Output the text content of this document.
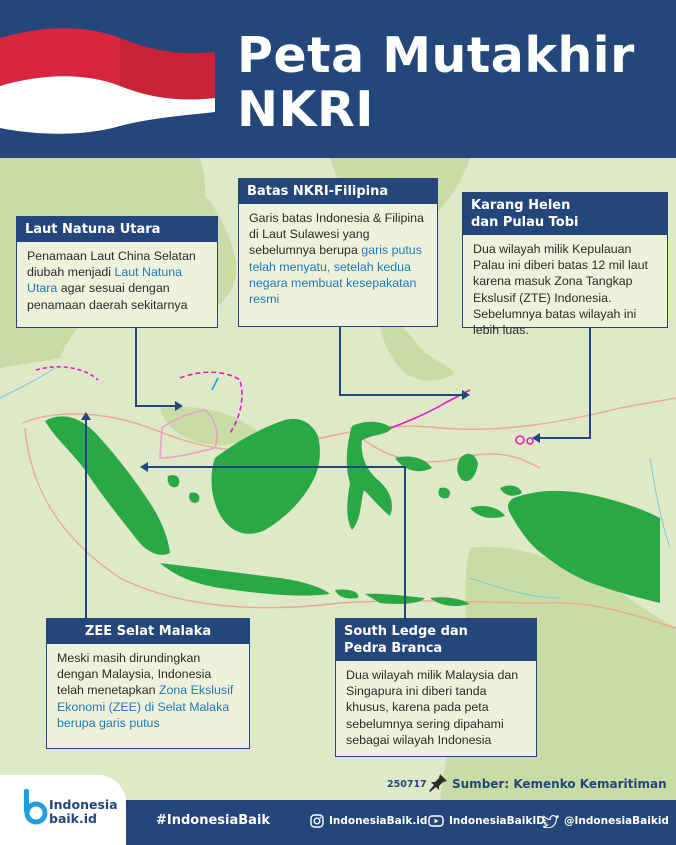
Peta Mutakhir
NKRI
Laut Natuna Utara
Penamaan Laut China Selatan diubah menjadi Laut Natuna Utara agar sesuai dengan penamaan daerah sekitarnya
Batas NKRI-Filipina
Garis batas Indonesia & Filipina di Laut Sulawesi yang sebelumnya berupa garis putus telah menyatu, setelah kedua negara membuat kesepakatan resmi
Karang Helen
dan Pulau Tobi
Dua wilayah milik Kepulauan Palau ini diberi batas 12 mil laut karena masuk Zona Tangkap Ekslusif (ZTE) Indonesia. Sebelumnya batas wilayah ini lebih luas.
ZEE Selat Malaka
Meski masih dirundingkan dengan Malaysia, Indonesia telah menetapkan Zona Ekslusif Ekonomi (ZEE) di Selat Malaka berupa garis putus
South Ledge dan
Pedra Branca
Dua wilayah milik Malaysia dan Singapura ini diberi tanda khusus, karena pada peta sebelumnya sering dipahami sebagai wilayah Indonesia
250717 Sumber: Kemenko Kemaritiman
Indonesia
baik.id	#IndonesiaBaik	IndonesiaBaik.id IndonesiaBaikID @IndonesiaBaikid
